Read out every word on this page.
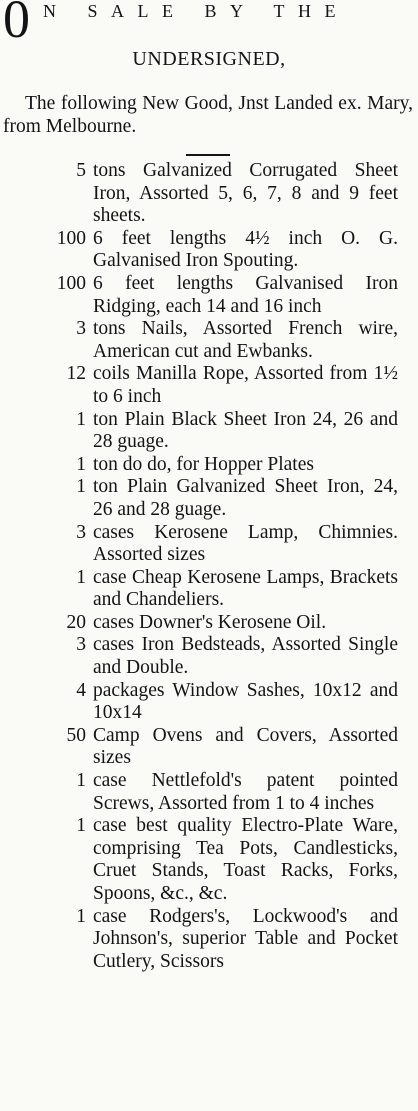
0 N SALE BY THE
UNDERSIGNED,
The following New Good, Jnst Landed ex. Mary, from Melbourne.
5 tons Galvanized Corrugated Sheet Iron, Assorted 5, 6, 7, 8 and 9 feet sheets.
100 6 feet lengths 4½ inch O. G. Galvanised Iron Spouting.
100 6 feet lengths Galvanised Iron Ridging, each 14 and 16 inch
3 tons Nails, Assorted French wire, American cut and Ewbanks.
12 coils Manilla Rope, Assorted from 1½ to 6 inch
1 ton Plain Black Sheet Iron 24, 26 and 28 guage.
1 ton do do, for Hopper Plates
1 ton Plain Galvanized Sheet Iron, 24, 26 and 28 guage.
3 cases Kerosene Lamp, Chimnies. Assorted sizes
1 case Cheap Kerosene Lamps, Brackets and Chandeliers.
20 cases Downer's Kerosene Oil.
3 cases Iron Bedsteads, Assorted Single and Double.
4 packages Window Sashes, 10x12 and 10x14
50 Camp Ovens and Covers, Assorted sizes
1 case Nettlefold's patent pointed Screws, Assorted from 1 to 4 inches
1 case best quality Electro-Plate Ware, comprising Tea Pots, Candlesticks, Cruet Stands, Toast Racks, Forks, Spoons, &c., &c.
1 case Rodgers's, Lockwood's and Johnson's, superior Table and Pocket Cutlery, Scissors
